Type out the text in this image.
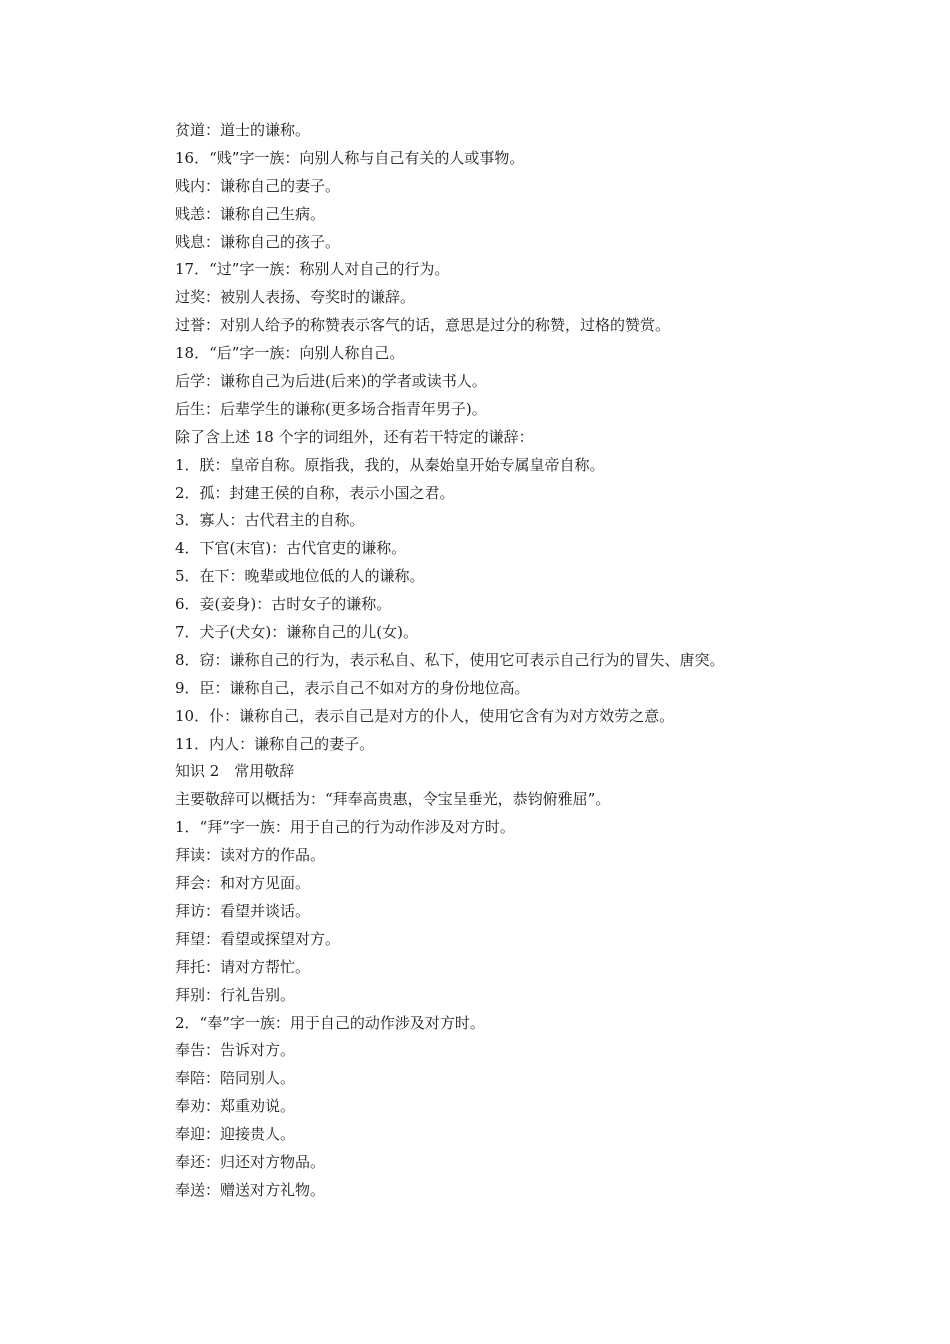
贫道：道士的谦称。
16．“贱”字一族：向别人称与自己有关的人或事物。
贱内：谦称自己的妻子。
贱恙：谦称自己生病。
贱息：谦称自己的孩子。
17．“过”字一族：称别人对自己的行为。
过奖：被别人表扬、夸奖时的谦辞。
过誉：对别人给予的称赞表示客气的话，意思是过分的称赞，过格的赞赏。
18．“后”字一族：向别人称自己。
后学：谦称自己为后进(后来)的学者或读书人。
后生：后辈学生的谦称(更多场合指青年男子)。
除了含上述 18 个字的词组外，还有若干特定的谦辞：
1．朕：皇帝自称。原指我，我的，从秦始皇开始专属皇帝自称。
2．孤：封建王侯的自称，表示小国之君。
3．寡人：古代君主的自称。
4．下官(末官)：古代官吏的谦称。
5．在下：晚辈或地位低的人的谦称。
6．妾(妾身)：古时女子的谦称。
7．犬子(犬女)：谦称自己的儿(女)。
8．窃：谦称自己的行为，表示私自、私下，使用它可表示自己行为的冒失、唐突。
9．臣：谦称自己，表示自己不如对方的身份地位高。
10．仆：谦称自己，表示自己是对方的仆人，使用它含有为对方效劳之意。
11．内人：谦称自己的妻子。
知识 2　常用敬辞
主要敬辞可以概括为：“拜奉高贵惠，令宝呈垂光，恭钧俯雅屈”。
1．“拜”字一族：用于自己的行为动作涉及对方时。
拜读：读对方的作品。
拜会：和对方见面。
拜访：看望并谈话。
拜望：看望或探望对方。
拜托：请对方帮忙。
拜别：行礼告别。
2．“奉”字一族：用于自己的动作涉及对方时。
奉告：告诉对方。
奉陪：陪同别人。
奉劝：郑重劝说。
奉迎：迎接贵人。
奉还：归还对方物品。
奉送：赠送对方礼物。
